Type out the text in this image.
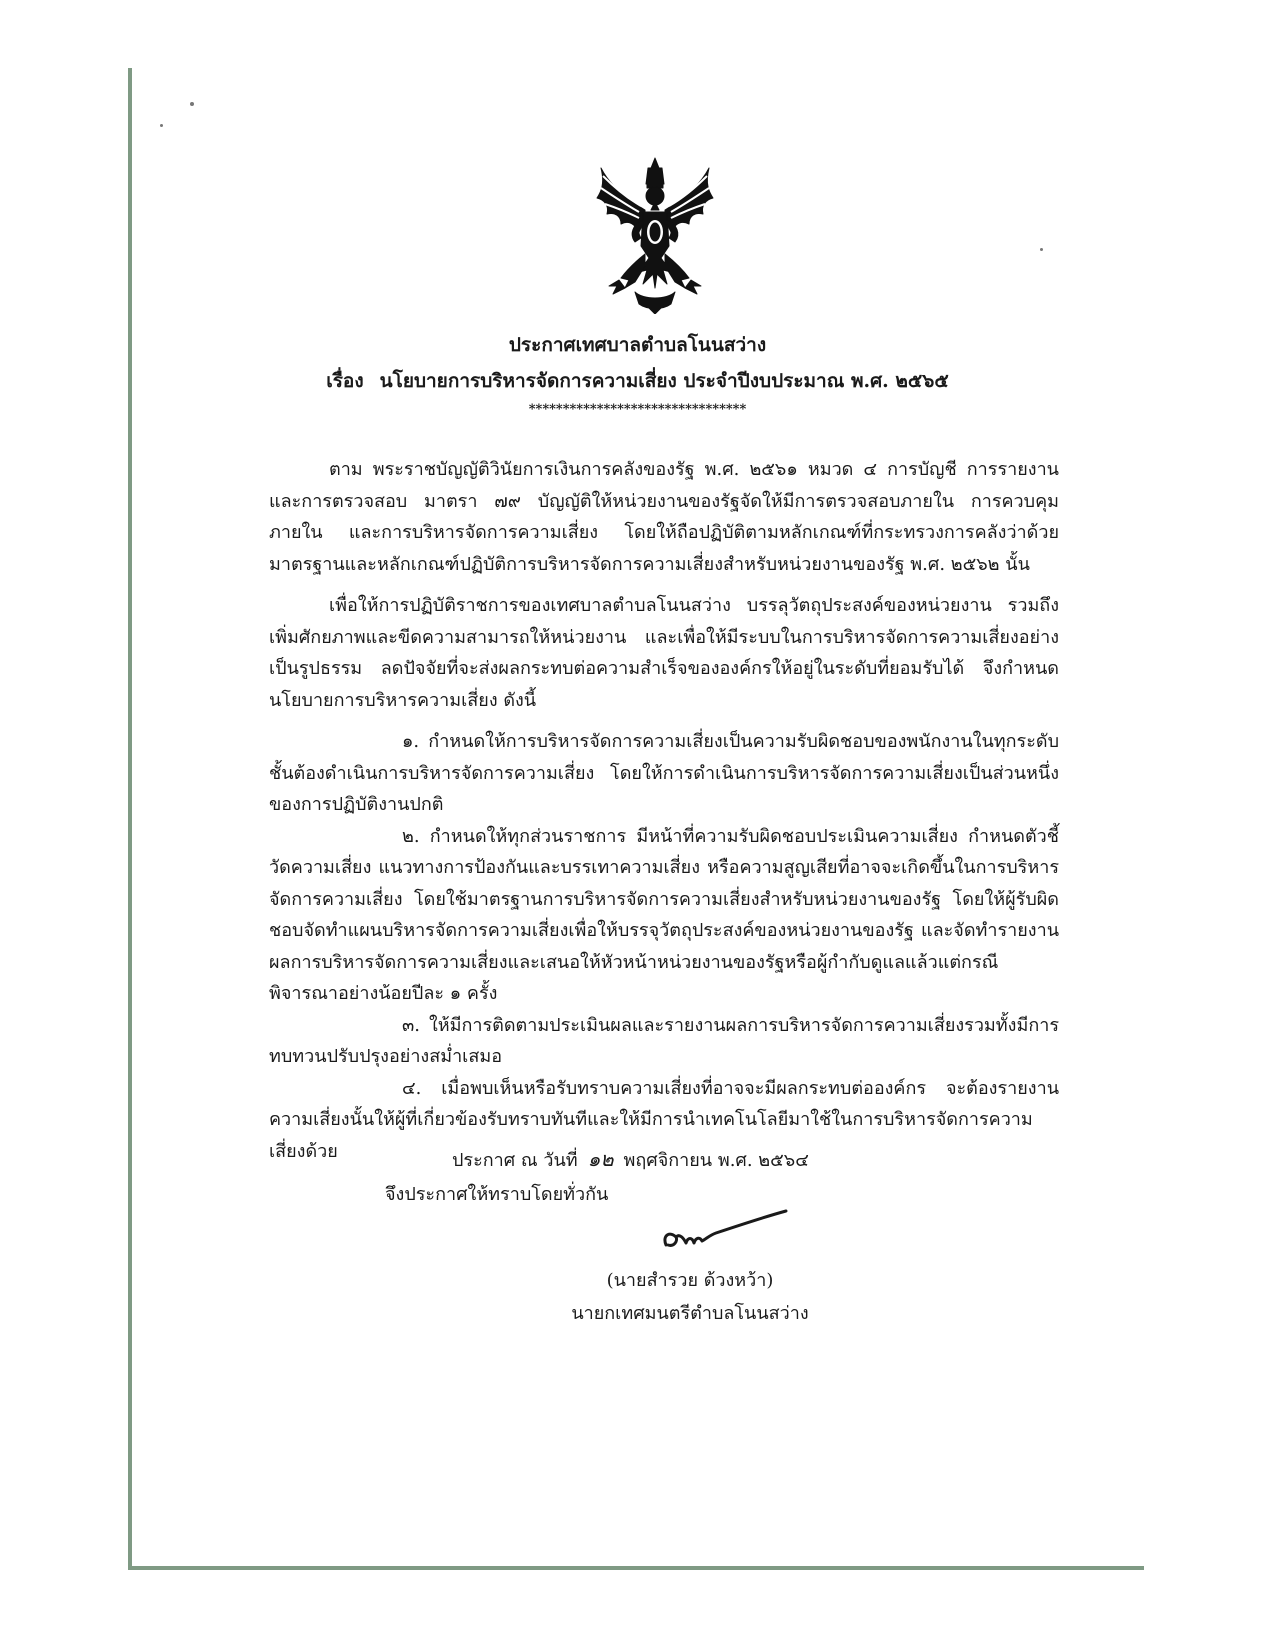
ประกาศเทศบาลตำบลโนนสว่าง
เรื่อง นโยบายการบริหารจัดการความเสี่ยง ประจำปีงบประมาณ พ.ศ. ๒๕๖๕
********************************

ตาม พระราชบัญญัติวินัยการเงินการคลังของรัฐ พ.ศ. ๒๕๖๑ หมวด ๔ การบัญชี การรายงาน และการตรวจสอบ มาตรา ๗๙ บัญญัติให้หน่วยงานของรัฐจัดให้มีการตรวจสอบภายใน การควบคุมภายใน และการบริหารจัดการความเสี่ยง โดยให้ถือปฏิบัติตามหลักเกณฑ์ที่กระทรวงการคลังว่าด้วยมาตรฐานและหลักเกณฑ์ปฏิบัติการบริหารจัดการความเสี่ยงสำหรับหน่วยงานของรัฐ พ.ศ. ๒๕๖๒ นั้น

เพื่อให้การปฏิบัติราชการของเทศบาลตำบลโนนสว่าง บรรลุวัตถุประสงค์ของหน่วยงาน รวมถึงเพิ่มศักยภาพและขีดความสามารถให้หน่วยงาน และเพื่อให้มีระบบในการบริหารจัดการความเสี่ยงอย่างเป็นรูปธรรม ลดปัจจัยที่จะส่งผลกระทบต่อความสำเร็จขององค์กรให้อยู่ในระดับที่ยอมรับได้ จึงกำหนดนโยบายการบริหารความเสี่ยง ดังนี้

๑. กำหนดให้การบริหารจัดการความเสี่ยงเป็นความรับผิดชอบของพนักงานในทุกระดับชั้นต้องดำเนินการบริหารจัดการความเสี่ยง โดยให้การดำเนินการบริหารจัดการความเสี่ยงเป็นส่วนหนึ่งของการปฏิบัติงานปกติ

๒. กำหนดให้ทุกส่วนราชการ มีหน้าที่ความรับผิดชอบประเมินความเสี่ยง กำหนดตัวชี้วัดความเสี่ยง แนวทางการป้องกันและบรรเทาความเสี่ยง หรือความสูญเสียที่อาจจะเกิดขึ้นในการบริหารจัดการความเสี่ยง โดยใช้มาตรฐานการบริหารจัดการความเสี่ยงสำหรับหน่วยงานของรัฐ โดยให้ผู้รับผิดชอบจัดทำแผนบริหารจัดการความเสี่ยงเพื่อให้บรรจุวัตถุประสงค์ของหน่วยงานของรัฐ และจัดทำรายงานผลการบริหารจัดการความเสี่ยงและเสนอให้หัวหน้าหน่วยงานของรัฐหรือผู้กำกับดูแลแล้วแต่กรณี พิจารณาอย่างน้อยปีละ ๑ ครั้ง

๓. ให้มีการติดตามประเมินผลและรายงานผลการบริหารจัดการความเสี่ยงรวมทั้งมีการทบทวนปรับปรุงอย่างสม่ำเสมอ

๔. เมื่อพบเห็นหรือรับทราบความเสี่ยงที่อาจจะมีผลกระทบต่อองค์กร จะต้องรายงานความเสี่ยงนั้นให้ผู้ที่เกี่ยวข้องรับทราบทันทีและให้มีการนำเทคโนโลยีมาใช้ในการบริหารจัดการความเสี่ยงด้วย

จึงประกาศให้ทราบโดยทั่วกัน

ประกาศ ณ วันที่ ๑๒ พฤศจิกายน พ.ศ. ๒๕๖๔
(นายสำรวย ด้วงหว้า)
นายกเทศมนตรีตำบลโนนสว่าง
